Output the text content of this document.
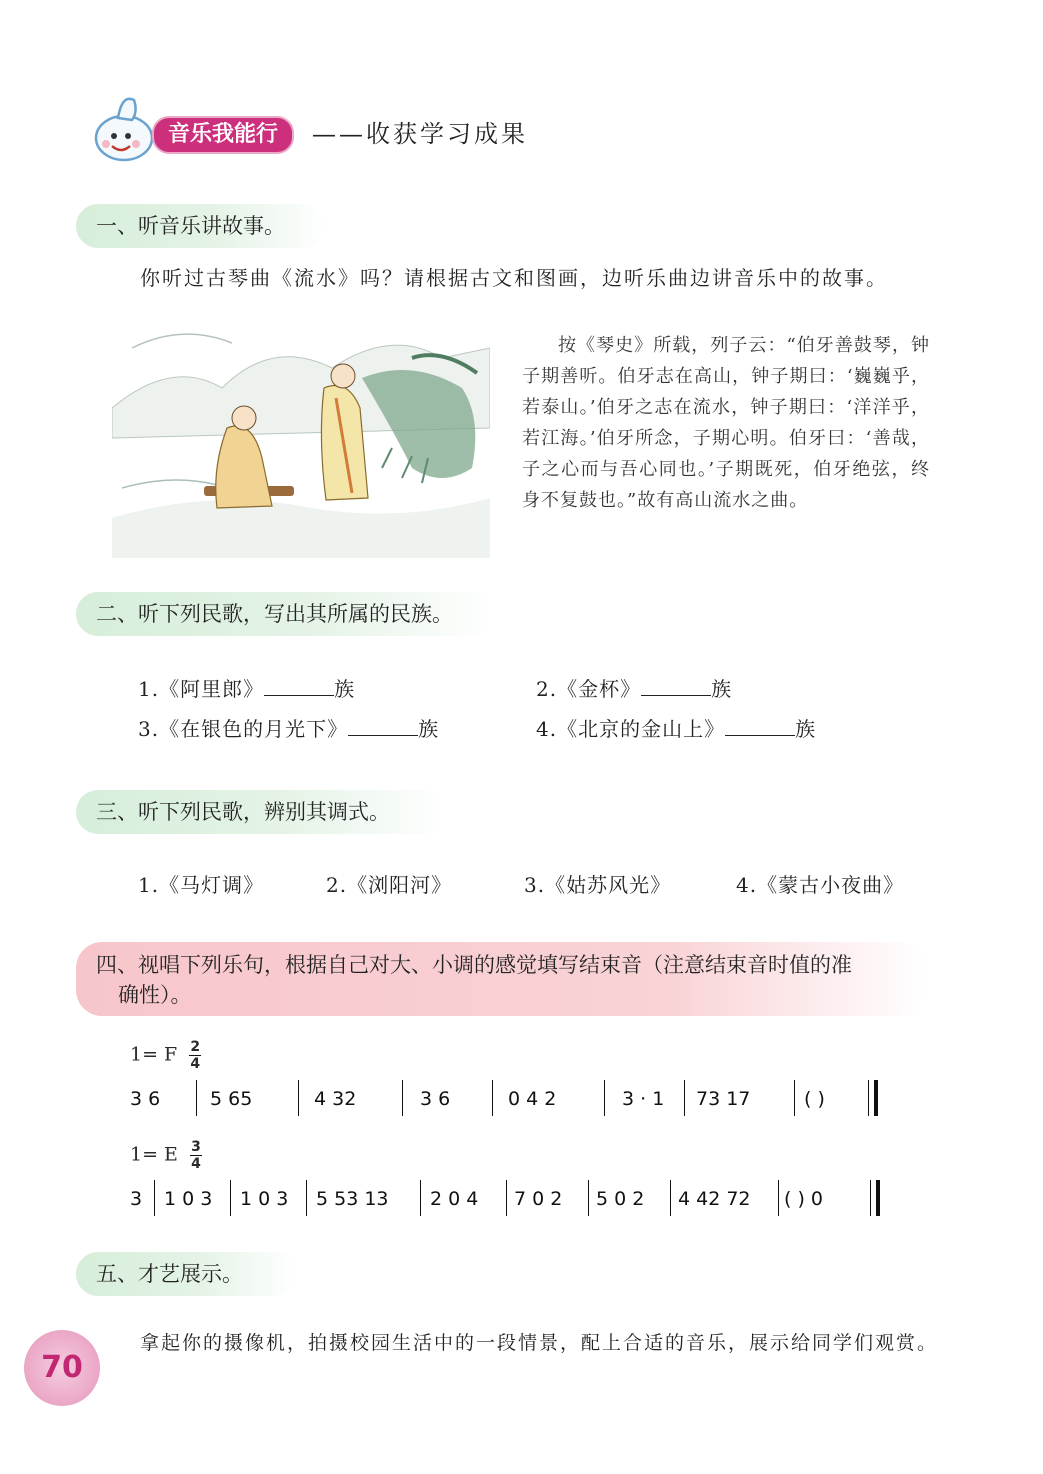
音乐我能行	——收获学习成果
一、听音乐讲故事。
你听过古琴曲《流水》吗？请根据古文和图画，边听乐曲边讲音乐中的故事。
按《琴史》所载，列子云：“伯牙善鼓琴，钟子期善听。伯牙志在高山，钟子期曰：‘巍巍乎，若泰山。’伯牙之志在流水，钟子期曰：‘洋洋乎，若江海。’伯牙所念，子期心明。伯牙曰：‘善哉，子之心而与吾心同也。’子期既死，伯牙绝弦，终身不复鼓也。”故有高山流水之曲。
二、听下列民歌，写出其所属的民族。
1.《阿里郎》	族	2.《金杯》	族
3.《在银色的月光下》	族	4.《北京的金山上》	族
三、听下列民歌，辨别其调式。
1.《马灯调》	2.《浏阳河》	3.《姑苏风光》	4.《蒙古小夜曲》
四、视唱下列乐句，根据自己对大、小调的感觉填写结束音（注意结束音时值的准
确性）。
1= F $\frac{2}{4}$
3 6	5 65	4 32	3 6	0 4 2	3 · 1 73 17	( )
1= E $\frac{3}{4}$
3 1 0 3 1 0 3 5 53 13 2 0 4 7 0 2 5 0 2 4 42 72 ( ) 0
五、才艺展示。
拿起你的摄像机，拍摄校园生活中的一段情景，配上合适的音乐，展示给同学们观赏。
70
